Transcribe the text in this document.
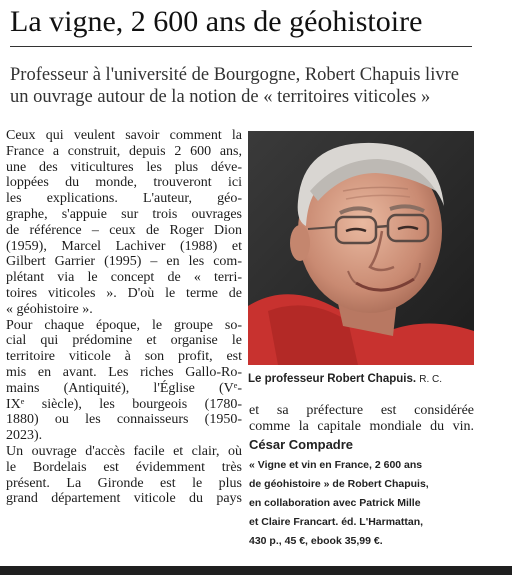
La vigne, 2 600 ans de géohistoire
Professeur à l'université de Bourgogne, Robert Chapuis livre
un ouvrage autour de la notion de « territoires viticoles »
Ceux qui veulent savoir comment la
France a construit, depuis 2 600 ans,
une des viticultures les plus déve-
loppées du monde, trouveront ici
les explications. L'auteur, géo-
graphe, s'appuie sur trois ouvrages
de référence – ceux de Roger Dion
(1959), Marcel Lachiver (1988) et
Gilbert Garrier (1995) – en les com-
plétant via le concept de « terri-
toires viticoles ». D'où le terme de
« géohistoire ».
Pour chaque époque, le groupe so-
cial qui prédomine et organise le
territoire viticole à son profit, est
mis en avant. Les riches Gallo-Ro-
mains (Antiquité), l'Église (Vᵉ-
IXᵉ siècle), les bourgeois (1780-
1880) ou les connaisseurs (1950-
2023).
Un ouvrage d'accès facile et clair, où
le Bordelais est évidemment très
présent. La Gironde est le plus
grand département viticole du pays
Le professeur Robert Chapuis. R. C.
et sa préfecture est considérée
comme la capitale mondiale du vin.
César Compadre
« Vigne et vin en France, 2 600 ans
de géohistoire » de Robert Chapuis,
en collaboration avec Patrick Mille
et Claire Francart. éd. L'Harmattan,
430 p., 45 €, ebook 35,99 €.
